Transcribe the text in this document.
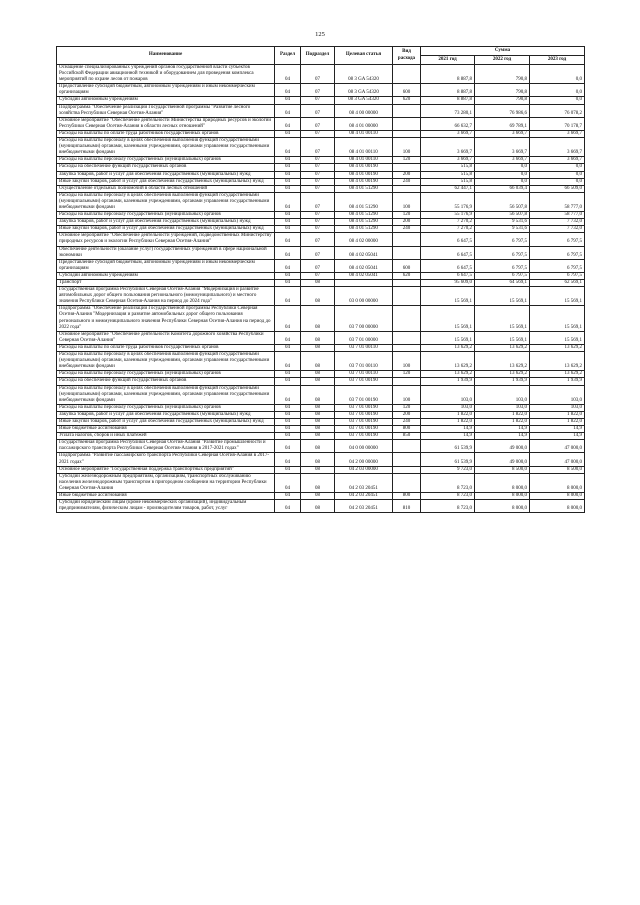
125
Наименование	Раздел	Подраздел	Целевая статья	Вид расхода	Сумма		
					2021 год	2022 год	2023 год
Оснащение специализированных учреждений органов государственной власти субъектов Российской Федерации авиационной техникой и оборудованием для проведения комплекса мероприятий по охране лесов от пожаров	04	07	08 3 GA 54320		8 887,8	790,8	0,0
Предоставление субсидий бюджетным, автономным учреждениям и иным некоммерческим организациям	04	07	08 3 GA 54320	600	8 887,8	790,8	0,0
Субсидии автономным учреждениям	04	07	08 3 GA 54320	620	8 887,8	790,8	0,0
Подпрограмма "Обеспечение реализации Государственной программы "Развитие лесного хозяйства Республики Северная Осетия-Алания"	04	07	08 4 00 00000		73 280,1	76 986,6	76 078,2
Основное мероприятие "Обеспечение деятельности Министерства природных ресурсов и экологии Республики Северная Осетия-Алания в области лесных отношений"	04	07	08 4 01 00000		66 632,7	69 789,1	70 178,7
Расходы на выплаты по оплате труда работников государственных органов	04	07	08 4 01 00110		3 669,7	3 669,7	3 669,7
Расходы на выплаты персоналу в целях обеспечения выполнения функций государственными (муниципальными) органами, казенными учреждениями, органами управления государственными внебюджетными фондами	04	07	08 4 01 00110	100	3 669,7	3 669,7	3 669,7
Расходы на выплаты персоналу государственных (муниципальных) органов	04	07	08 4 01 00110	120	3 669,7	3 669,7	3 669,7
Расходы на обеспечение функций государственных органов	04	07	08 4 01 00190		515,8	0,0	0,0
Закупка товаров, работ и услуг для обеспечения государственных (муниципальных) нужд	04	07	08 4 01 00190	200	515,8	0,0	0,0
Иные закупки товаров, работ и услуг для обеспечения государственных (муниципальных) нужд	04	07	08 4 01 00190	240	515,8	0,0	0,0
Осуществление отдельных полномочий в области лесных отношений	04	07	08 4 01 51290		62 447,1	66 039,4	66 509,0
Расходы на выплаты персоналу в целях обеспечения выполнения функций государственными (муниципальными) органами, казенными учреждениями, органами управления государственными внебюджетными фондами	04	07	08 4 01 51290	100	55 176,9	56 507,8	58 777,0
Расходы на выплаты персоналу государственных (муниципальных) органов	04	07	08 4 01 51290	120	55 176,9	56 507,8	58 777,0
Закупка товаров, работ и услуг для обеспечения государственных (муниципальных) нужд	04	07	08 4 01 51290	200	7 270,2	9 531,6	7 732,0
Иные закупки товаров, работ и услуг для обеспечения государственных (муниципальных) нужд	04	07	08 4 01 51290	240	7 270,2	9 531,6	7 732,0
Основное мероприятие "Обеспечение деятельности учреждений, подведомственных Министерству природных ресурсов и экологии Республики Северная Осетия-Алания"	04	07	08 4 02 00000		6 647,5	6 797,5	6 797,5
Обеспечение деятельности (оказание услуг) государственных учреждений в сфере национальной экономики	04	07	08 4 02 05041		6 647,5	6 797,5	6 797,5
Предоставление субсидий бюджетным, автономным учреждениям и иным некоммерческим организациям	04	07	08 4 02 05041	600	6 647,5	6 797,5	6 797,5
Субсидии автономным учреждениям	04	07	08 4 02 05041	620	6 647,5	6 797,5	6 797,5
Транспорт	04	08			95 609,0	64 569,1	62 569,1
Государственная программа Республики Северная Осетия-Алания "Модернизация и развитие автомобильных дорог общего пользования регионального (межмуниципального) и местного значения Республики Северная Осетия-Алания на период до 2024 года"	04	08	03 0 00 00000		15 569,1	15 569,1	15 569,1
Подпрограмма "Обеспечение реализации Государственной программы Республики Северная Осетия-Алания "Модернизация и развитие автомобильных дорог общего пользования регионального и межмуниципального значения Республики Северная Осетия-Алания на период до 2022 года"	04	08	03 7 00 00000		15 569,1	15 569,1	15 569,1
Основное мероприятие "Обеспечение деятельности Комитета дорожного хозяйства Республики Северная Осетия-Алания"	04	08	03 7 01 00000		15 569,1	15 569,1	15 569,1
Расходы на выплаты по оплате труда работников государственных органов	04	08	03 7 01 00110		13 629,2	13 629,2	13 629,2
Расходы на выплаты персоналу в целях обеспечения выполнения функций государственными (муниципальными) органами, казенными учреждениями, органами управления государственными внебюджетными фондами	04	08	03 7 01 00110	100	13 629,2	13 629,2	13 629,2
Расходы на выплаты персоналу государственных (муниципальных) органов	04	08	03 7 01 00110	120	13 629,2	13 629,2	13 629,2
Расходы на обеспечение функций государственных органов	04	08	03 7 01 00190		1 939,9	1 939,9	1 939,9
Расходы на выплаты персоналу в целях обеспечения выполнения функций государственными (муниципальными) органами, казенными учреждениями, органами управления государственными внебюджетными фондами	04	08	03 7 01 00190	100	103,0	103,0	103,0
Расходы на выплаты персоналу государственных (муниципальных) органов	04	08	03 7 01 00190	120	103,0	103,0	103,0
Закупка товаров, работ и услуг для обеспечения государственных (муниципальных) нужд	04	08	03 7 01 00190	200	1 822,0	1 822,0	1 822,0
Иные закупки товаров, работ и услуг для обеспечения государственных (муниципальных) нужд	04	08	03 7 01 00190	240	1 822,0	1 822,0	1 822,0
Иные бюджетные ассигнования	04	08	03 7 01 00190	800	14,9	14,9	14,9
Уплата налогов, сборов и иных платежей	04	08	03 7 01 00190	850	14,9	14,9	14,9
Государственная программа Республики Северная Осетия-Алания "Развитие промышленности и пассажирского транспорта Республики Северная Осетия-Алания в 2017-2021 годах"	04	08	04 0 00 00000		61 539,9	49 000,0	47 000,0
Подпрограмма "Развитие пассажирского транспорта Республики Северная Осетия-Алания в 2017-2021 годах"	04	08	04 2 00 00000		61 539,9	49 000,0	47 000,0
Основное мероприятие "Государственная поддержка транспортных предприятий"	04	08	04 2 03 00000		9 723,0	8 500,0	8 500,0
Субсидии железнодорожным предприятиям, организациям, транспортных обслуживанию населения железнодорожным транспортом в пригородном сообщении на территории Республики Северная Осетия-Алания	04	08	04 2 03 20451		8 723,0	8 000,0	8 000,0
Иные бюджетные ассигнования	04	08	04 2 03 20451	800	8 723,0	8 000,0	8 000,0
Субсидии юридическим лицам (кроме некоммерческих организаций), индивидуальным предпринимателям, физическим лицам - производителям товаров, работ, услуг	04	08	04 2 03 20451	810	8 723,0	8 000,0	8 000,0
